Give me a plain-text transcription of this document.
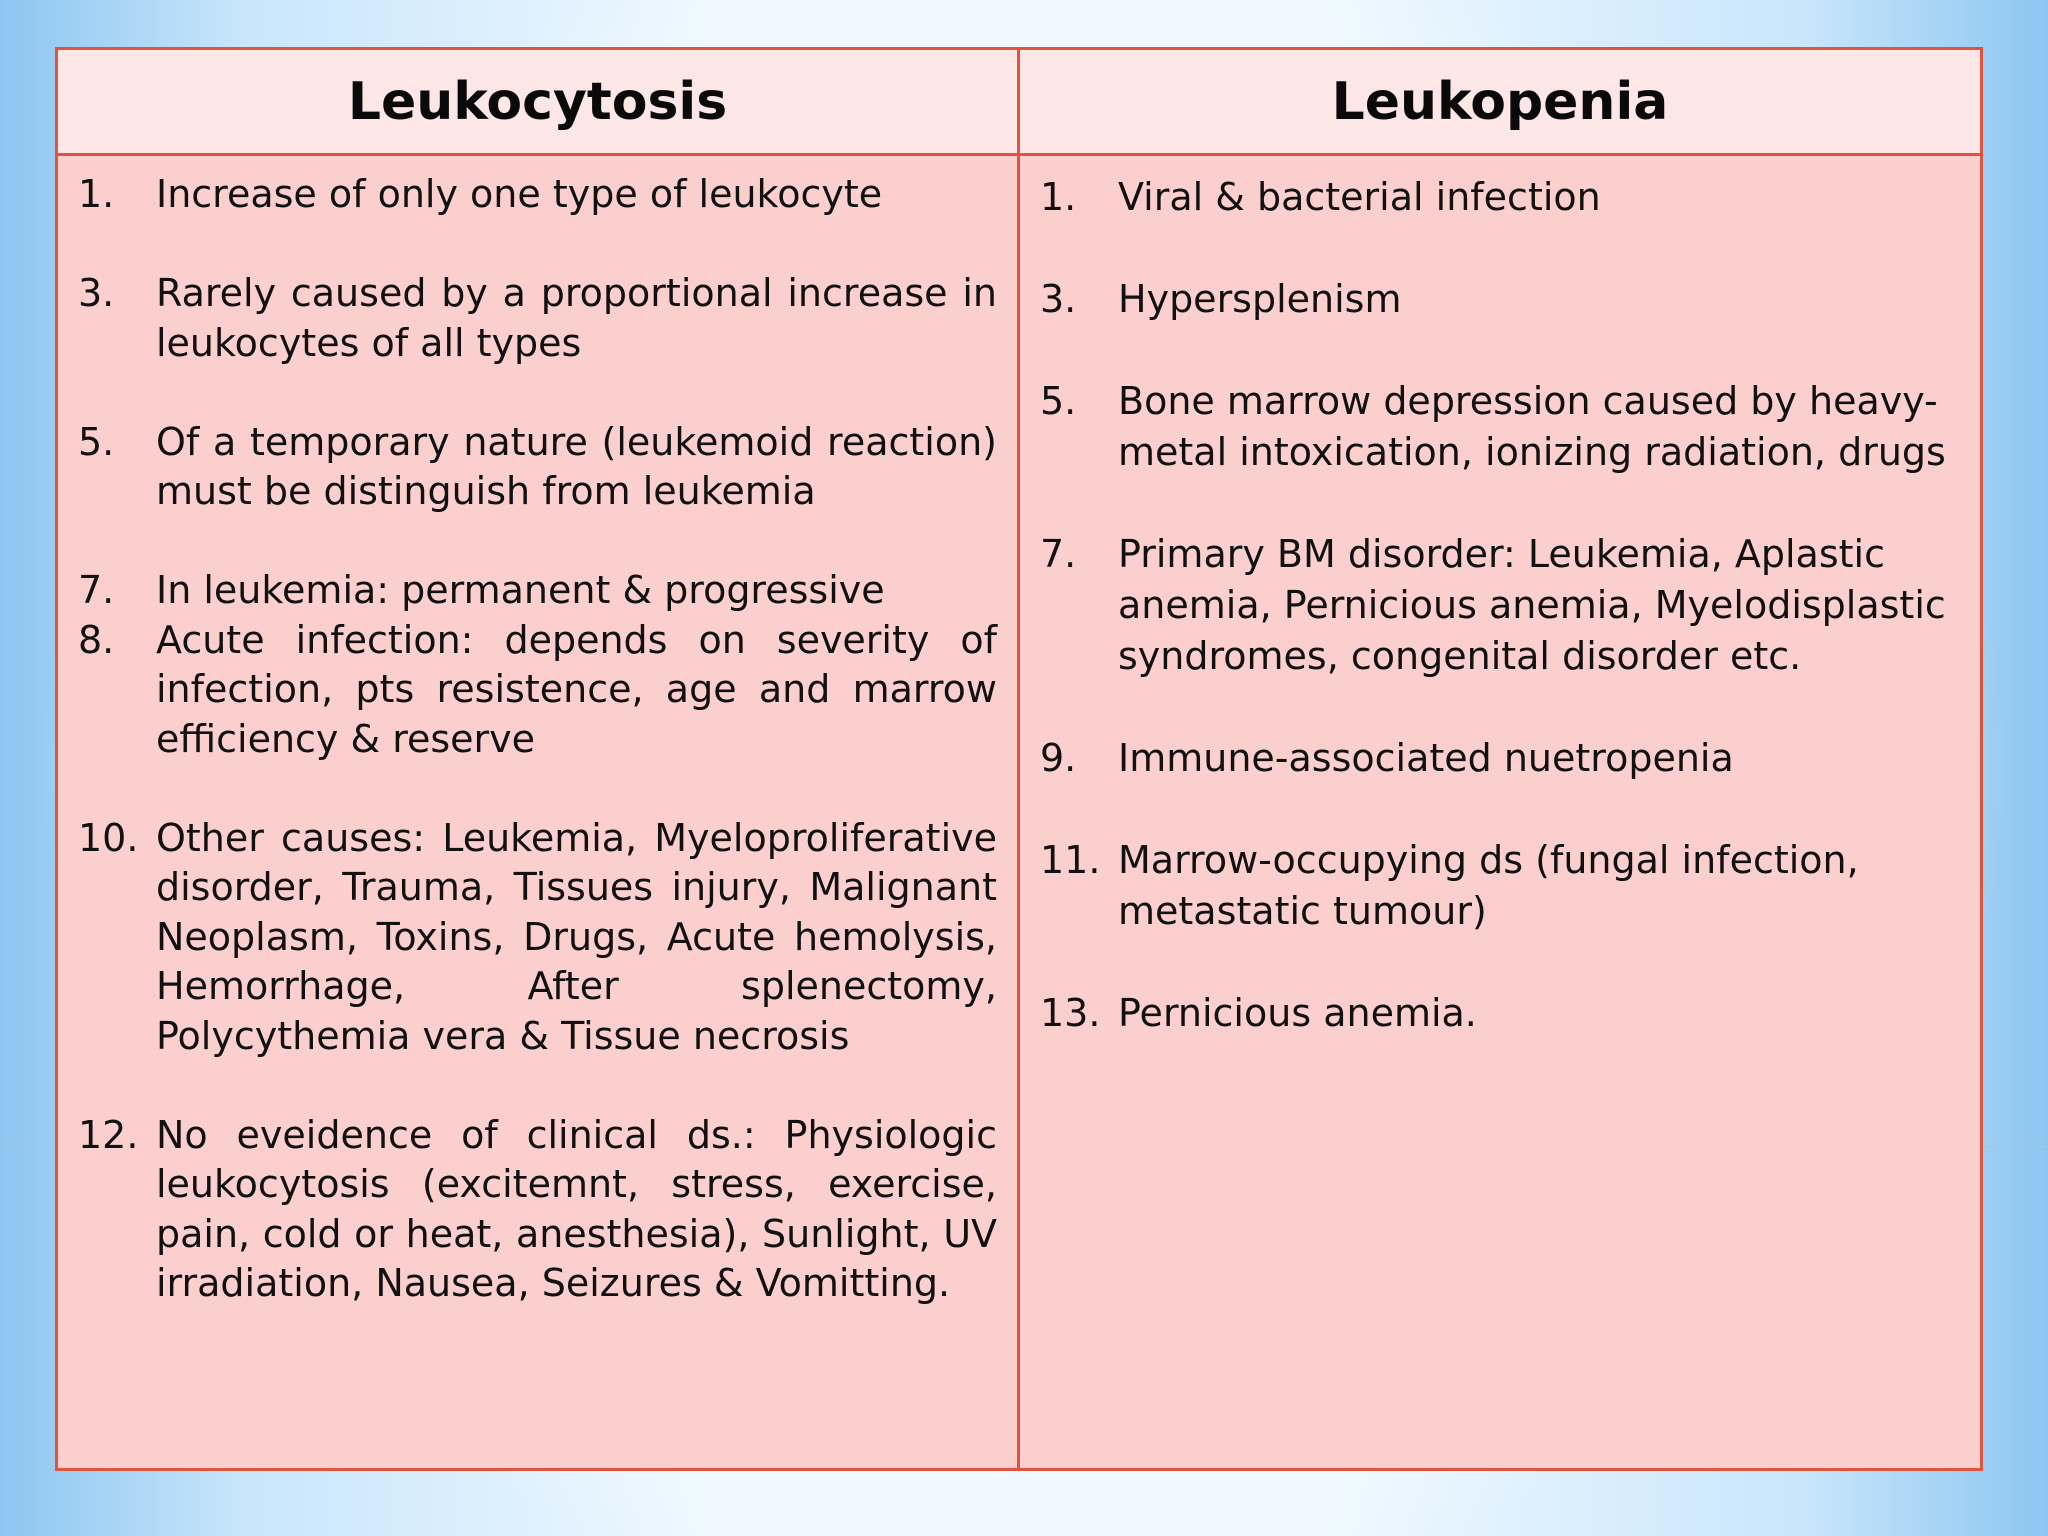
Leukocytosis	Leukopenia
1.	Increase of only one type of leukocyte
3.	Rarely caused by a proportional increase in leukocytes of all types
5.	Of a temporary nature (leukemoid reaction) must be distinguish from leukemia
7.	In leukemia: permanent & progressive
8.	Acute infection: depends on severity of infection, pts resistence, age and marrow efficiency & reserve
10. Other causes: Leukemia, Myeloproliferative disorder, Trauma, Tissues injury, Malignant Neoplasm, Toxins, Drugs, Acute hemolysis, Hemorrhage, After splenectomy, Polycythemia vera & Tissue necrosis
12. No eveidence of clinical ds.: Physiologic leukocytosis (excitemnt, stress, exercise, pain, cold or heat, anesthesia), Sunlight, UV irradiation, Nausea, Seizures & Vomitting.
1.	Viral & bacterial infection
3.	Hypersplenism
5.	Bone marrow depression caused by heavy-metal intoxication, ionizing radiation, drugs
7.	Primary BM disorder: Leukemia, Aplastic anemia, Pernicious anemia, Myelodisplastic syndromes, congenital disorder etc.
9.	Immune-associated nuetropenia
11. Marrow-occupying ds (fungal infection, metastatic tumour)
13. Pernicious anemia.
